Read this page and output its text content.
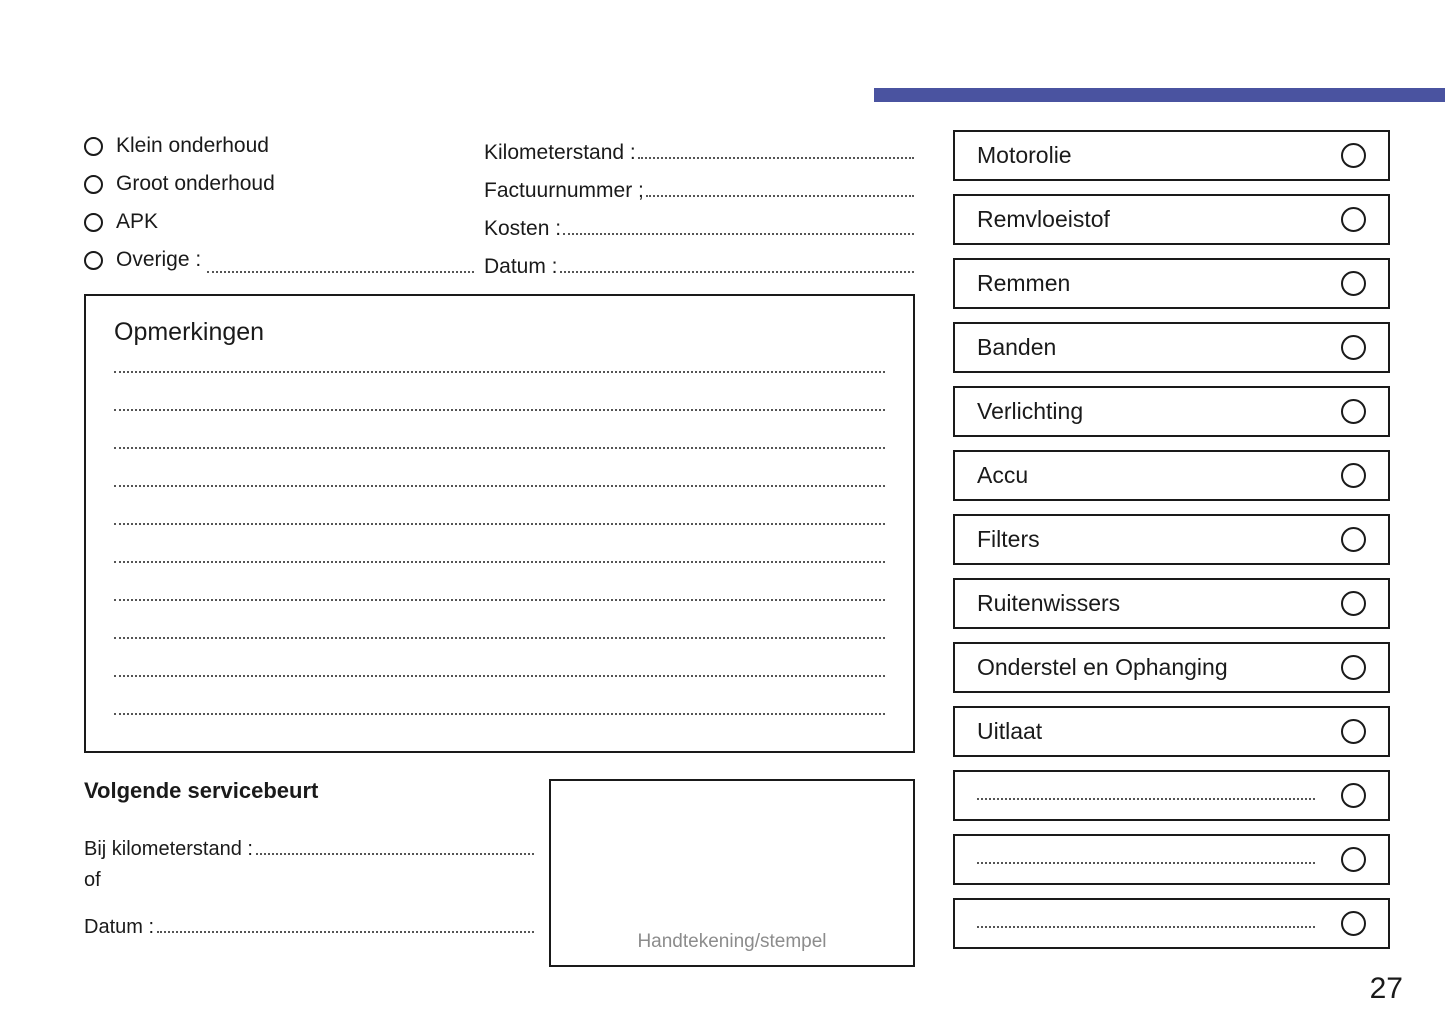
Klein onderhoud
Groot onderhoud
APK
Overige :
Kilometerstand :
Factuurnummer ;
Kosten :
Datum :
Opmerkingen
Volgende servicebeurt
Bij kilometerstand :
of
Datum :
Handtekening/stempel
Motorolie
Remvloeistof
Remmen
Banden
Verlichting
Accu
Filters
Ruitenwissers
Onderstel en Ophanging
Uitlaat
27
